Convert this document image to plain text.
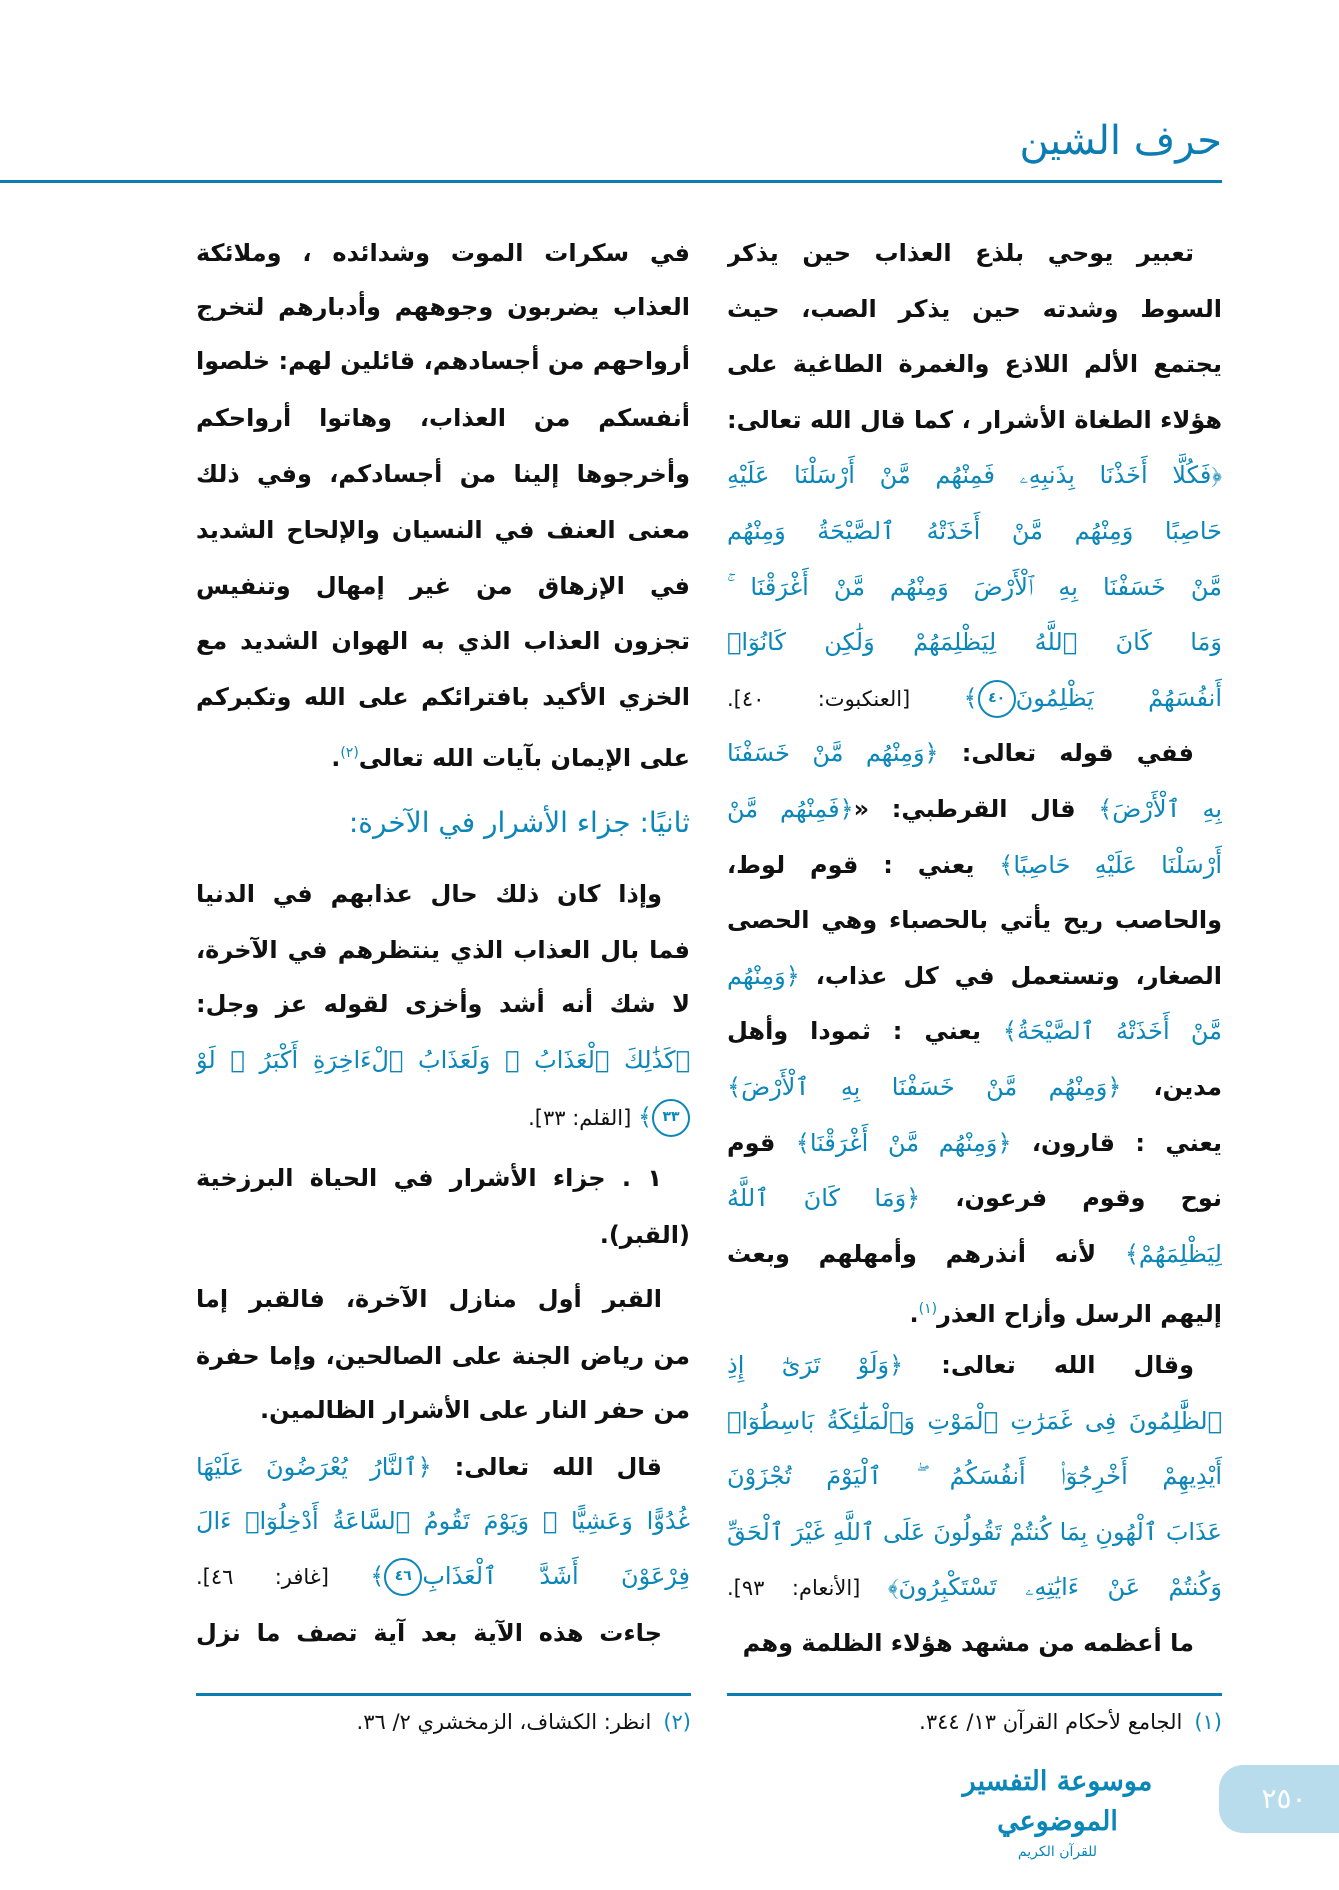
حرف الشين
تعبير يوحي بلذع العذاب حين يذكر
السوط وشدته حين يذكر الصب، حيث
يجتمع الألم اللاذع والغمرة الطاغية على
هؤلاء الطغاة الأشرار ، كما قال الله تعالى:
﴿فَكُلًّا أَخَذْنَا بِذَنبِهِۦ فَمِنْهُم مَّنْ أَرْسَلْنَا عَلَيْهِ
حَاصِبًا وَمِنْهُم مَّنْ أَخَذَتْهُ ٱلصَّيْحَةُ وَمِنْهُم
مَّنْ خَسَفْنَا بِهِ ٱلْأَرْضَ وَمِنْهُم مَّنْ أَغْرَقْنَا ۚ
وَمَا كَانَ ٱللَّهُ لِيَظْلِمَهُمْ وَلَٰكِن كَانُوٓا۟
أَنفُسَهُمْ يَظْلِمُونَ٤٠﴾ [العنكبوت: ٤٠].
ففي قوله تعالى: ﴿وَمِنْهُم مَّنْ خَسَفْنَا
بِهِ ٱلْأَرْضَ﴾ قال القرطبي: «﴿فَمِنْهُم مَّنْ
أَرْسَلْنَا عَلَيْهِ حَاصِبًا﴾ يعني : قوم لوط،
والحاصب ريح يأتي بالحصباء وهي الحصى
الصغار، وتستعمل في كل عذاب، ﴿وَمِنْهُم
مَّنْ أَخَذَتْهُ ٱلصَّيْحَةُ﴾ يعني : ثمودا وأهل
مدين، ﴿وَمِنْهُم مَّنْ خَسَفْنَا بِهِ ٱلْأَرْضَ﴾
يعني : قارون، ﴿وَمِنْهُم مَّنْ أَغْرَقْنَا﴾ قوم
نوح وقوم فرعون، ﴿وَمَا كَانَ ٱللَّهُ
لِيَظْلِمَهُمْ﴾ لأنه أنذرهم وأمهلهم وبعث
إليهم الرسل وأزاح العذر$^{(١)}$.
وقال الله تعالى: ﴿وَلَوْ تَرَىٰٓ إِذِ
ٱلظَّٰلِمُونَ فِى غَمَرَٰتِ ٱلْمَوْتِ وَٱلْمَلَٰٓئِكَةُ بَاسِطُوٓا۟
أَيْدِيهِمْ أَخْرِجُوٓا۟ أَنفُسَكُمُ ۖ ٱلْيَوْمَ تُجْزَوْنَ
عَذَابَ ٱلْهُونِ بِمَا كُنتُمْ تَقُولُونَ عَلَى ٱللَّهِ غَيْرَ ٱلْحَقِّ
وَكُنتُمْ عَنْ ءَايَٰتِهِۦ تَسْتَكْبِرُونَ﴾ [الأنعام: ٩٣].
ما أعظمه من مشهد هؤلاء الظلمة وهم
في سكرات الموت وشدائده ، وملائكة
العذاب يضربون وجوههم وأدبارهم لتخرج
أرواحهم من أجسادهم، قائلين لهم: خلصوا
أنفسكم من العذاب، وهاتوا أرواحكم
وأخرجوها إلينا من أجسادكم، وفي ذلك
معنى العنف في النسيان والإلحاح الشديد
في الإزهاق من غير إمهال وتنفيس
تجزون العذاب الذي به الهوان الشديد مع
الخزي الأكيد بافترائكم على الله وتكبركم
على الإيمان بآيات الله تعالى$^{(٢)}$.
ثانيًا: جزاء الأشرار في الآخرة:
وإذا كان ذلك حال عذابهم في الدنيا
فما بال العذاب الذي ينتظرهم في الآخرة،
لا شك أنه أشد وأخزى لقوله عز وجل:
﴿كَذَٰلِكَ ٱلْعَذَابُ ۖ وَلَعَذَابُ ٱلْءَاخِرَةِ أَكْبَرُ ۚ لَوْ
٣٣﴾ [القلم: ٣٣].
١ . جزاء الأشرار في الحياة البرزخية
(القبر).
القبر أول منازل الآخرة، فالقبر إما
من رياض الجنة على الصالحين، وإما حفرة
من حفر النار على الأشرار الظالمين.
قال الله تعالى: ﴿ٱلنَّارُ يُعْرَضُونَ عَلَيْهَا
غُدُوًّا وَعَشِيًّا ۖ وَيَوْمَ تَقُومُ ٱلسَّاعَةُ أَدْخِلُوٓا۟ ءَالَ
فِرْعَوْنَ أَشَدَّ ٱلْعَذَابِ٤٦﴾ [غافر: ٤٦].
جاءت هذه الآية بعد آية تصف ما نزل
(١)الجامع لأحكام القرآن ١٣/ ٣٤٤.
(٢)انظر: الكشاف، الزمخشري ٢/ ٣٦.
موسوعة التفسير الموضوعي
للقرآن الكريم
٢٥٠
